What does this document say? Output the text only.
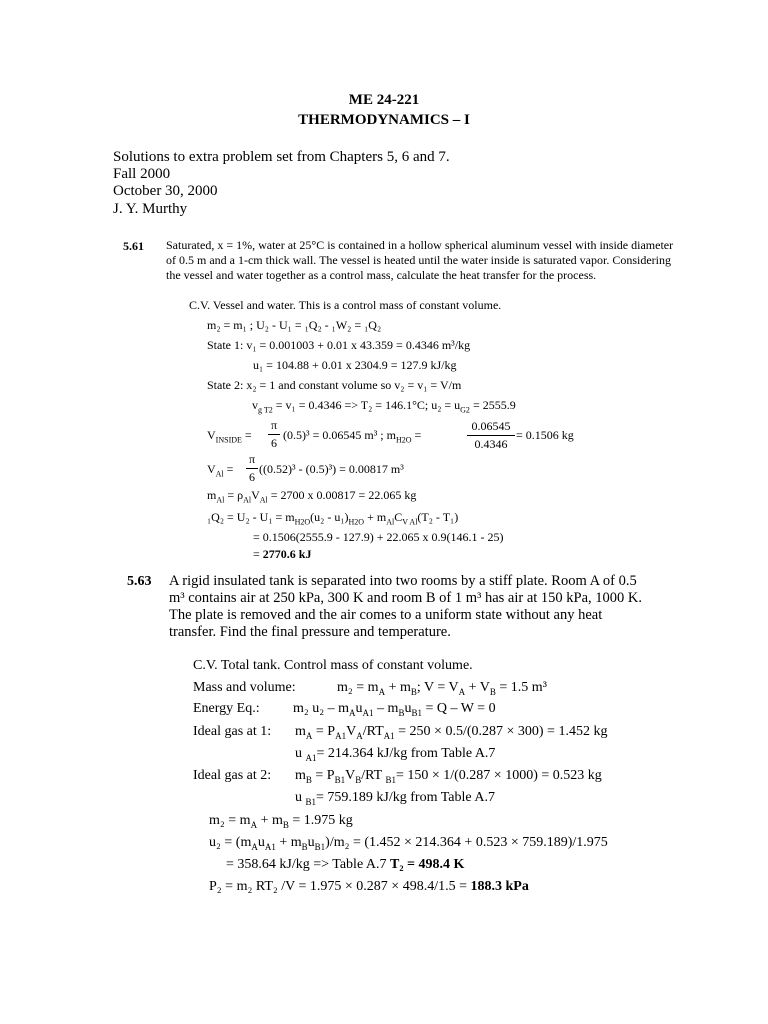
ME 24-221
THERMODYNAMICS – I
Solutions to extra problem set from Chapters 5, 6 and 7.
Fall 2000
October 30, 2000
J. Y. Murthy
5.61 Saturated, x = 1%, water at 25°C is contained in a hollow spherical aluminum vessel with inside diameter of 0.5 m and a 1-cm thick wall. The vessel is heated until the water inside is saturated vapor. Considering the vessel and water together as a control mass, calculate the heat transfer for the process.
C.V. Vessel and water. This is a control mass of constant volume.
m₂ = m₁ ; U₂ - U₁ = ₁Q₂ - ₁W₂ = ₁Q₂
State 1: v₁ = 0.001003 + 0.01 x 43.359 = 0.4346 m³/kg
u₁ = 104.88 + 0.01 x 2304.9 = 127.9 kJ/kg
State 2: x₂ = 1 and constant volume so v₂ = v₁ = V/m
$v_{g T2} = v_1 = 0.4346 => T_2 = 146.1^\circ C$; $u_2 = u_{G2} = 2555.9$
$V_{INSIDE}$ =
π
6
(0.5)³ = 0.06545 m³ ; $m_{H2O}$ =
0.06545
0.4346
= 0.1506 kg
$V_{Al}$ =
π
6
((0.52)³ - (0.5)³) = 0.00817 m³
$m_{Al} = \rho_{Al}V_{Al} = 2700$ x 0.00817 = 22.065 kg
$_1Q_2 = U_2 - U_1 = m_{H2O}(u_2 - u_1)_{H2O} + m_{Al}C_{V Al}(T_2 - T_1)$
= 0.1506(2555.9 - 127.9) + 22.065 x 0.9(146.1 - 25)
= 2770.6 kJ
5.63 A rigid insulated tank is separated into two rooms by a stiff plate. Room A of 0.5 m³ contains air at 250 kPa, 300 K and room B of 1 m³ has air at 150 kPa, 1000 K. The plate is removed and the air comes to a uniform state without any heat transfer. Find the final pressure and temperature.
C.V. Total tank. Control mass of constant volume.
Mass and volume:	$m_2 = m_A + m_B$; $V = V_A + V_B = 1.5$ m³
Energy Eq.: m₂ $u_2 - m_Au_{A1} - m_Bu_{B1} = Q - W = 0$
Ideal gas at 1: $m_A = P_{A1}V_A/RT_{A1} = 250 \times 0.5/(0.287 \times 300) = 1.452$ kg
u $_{A1}$= 214.364 kJ/kg from Table A.7
Ideal gas at 2: $m_B = P_{B1}V_B/RT$ $_{B1}$= 150 × 1/(0.287 × 1000) = 0.523 kg
u $_{B1}$= 759.189 kJ/kg from Table A.7
$m_2 = m_A + m_B = 1.975$ kg
$u_2 = (m_Au_{A1} + m_Bu_{B1})/m_2 = (1.452 \times 214.364 + 0.523 \times 759.189)/1.975$
= 358.64 kJ/kg => Table A.7 T₂ = 498.4 K
P₂ = m₂ RT₂ /V = 1.975 × 0.287 × 498.4/1.5 = 188.3 kPa
